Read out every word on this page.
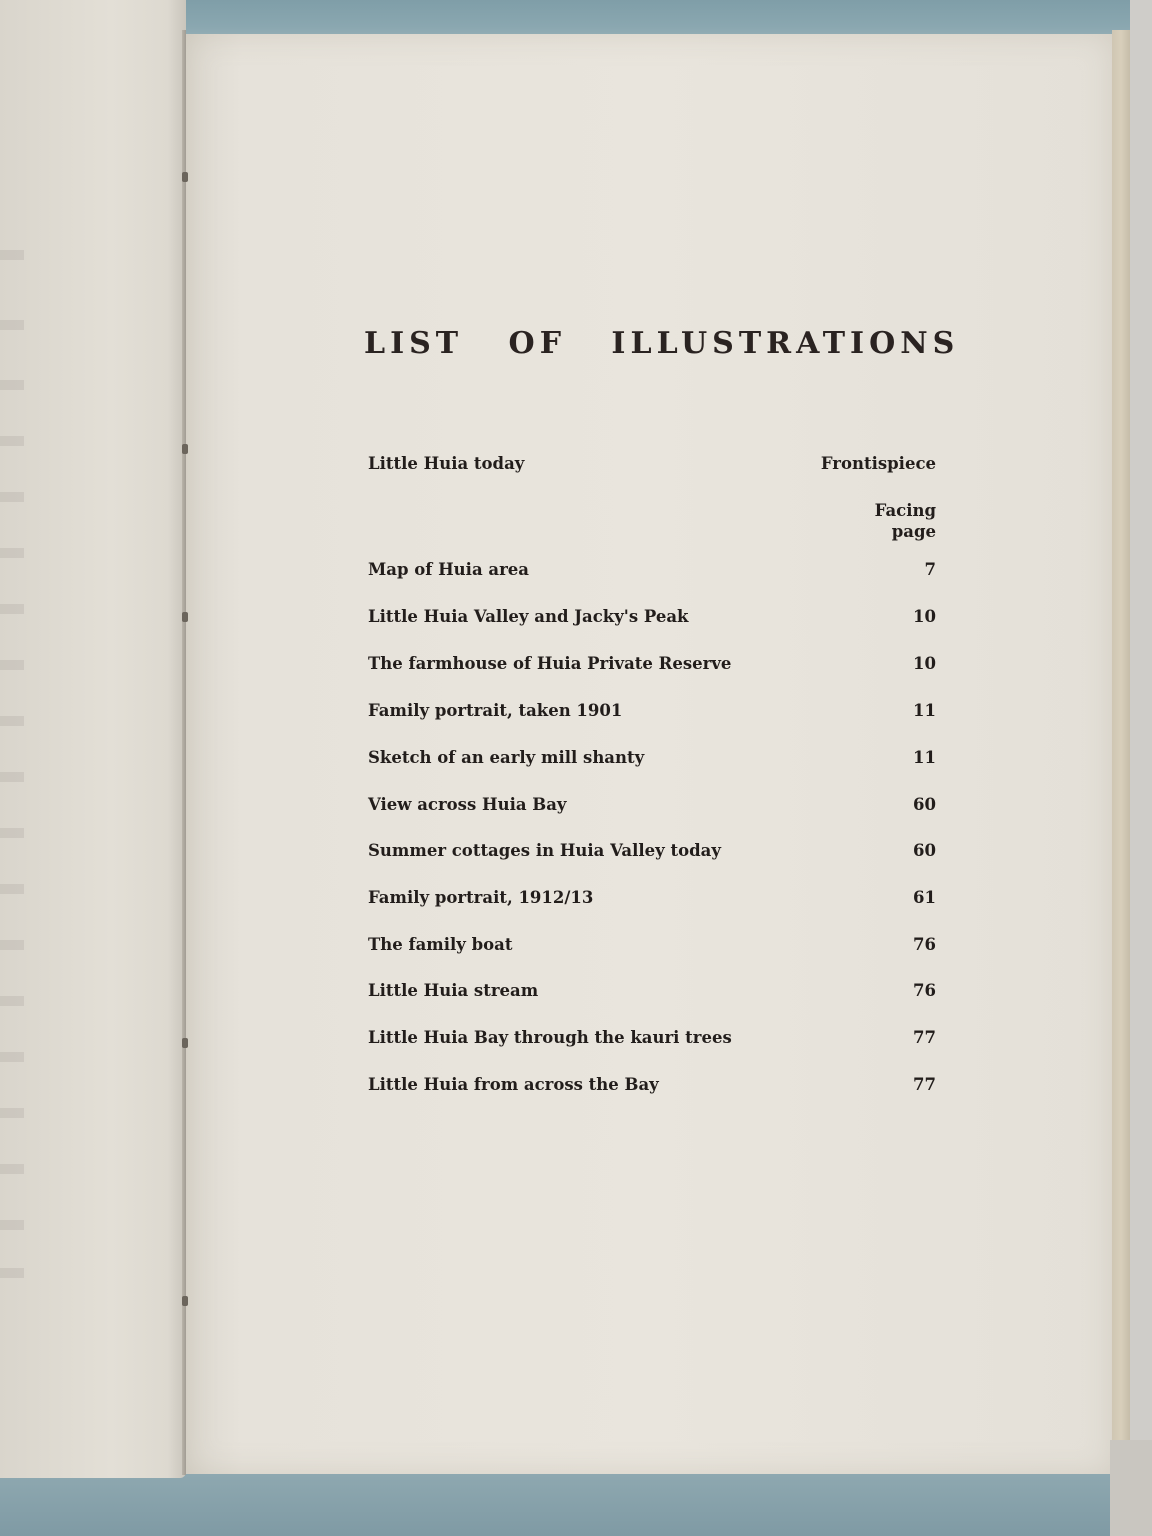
LIST OF ILLUSTRATIONS
Little Huia today	Frontispiece
Facing
page
Map of Huia area	7
Little Huia Valley and Jacky's Peak	10
The farmhouse of Huia Private Reserve	10
Family portrait, taken 1901	11
Sketch of an early mill shanty	11
View across Huia Bay	60
Summer cottages in Huia Valley today	60
Family portrait, 1912/13	61
The family boat	76
Little Huia stream	76
Little Huia Bay through the kauri trees	77
Little Huia from across the Bay	77
